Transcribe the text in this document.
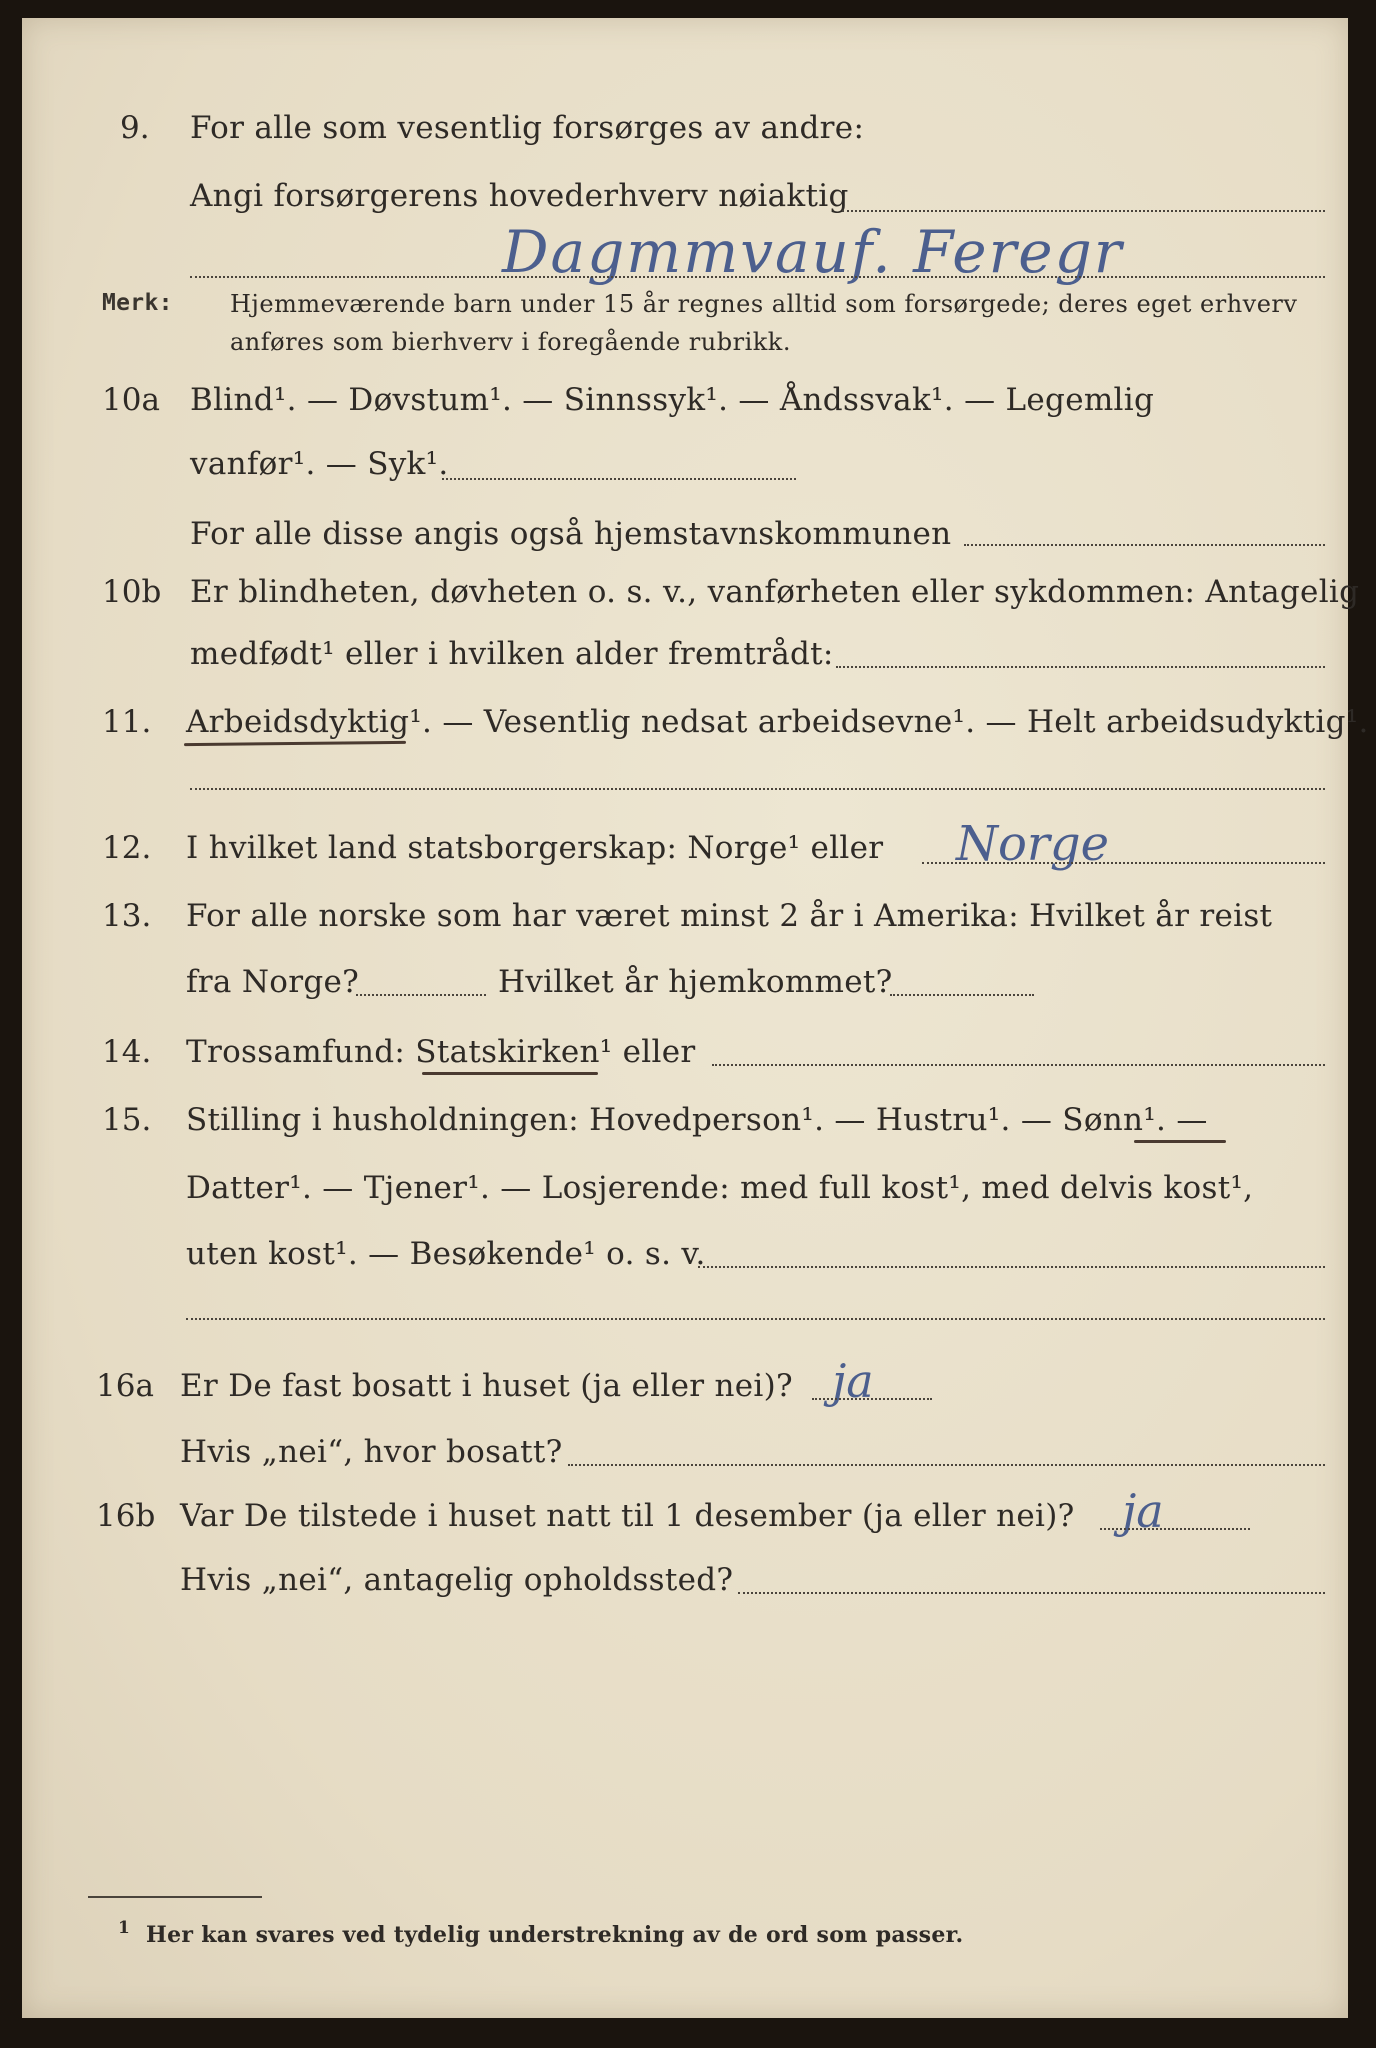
9. For alle som vesentlig forsørges av andre:
Angi forsørgerens hovederhverv nøiaktig
Dagmmvauf. Feregr
Merk: Hjemmeværende barn under 15 år regnes alltid som forsørgede; deres eget erhverv
anføres som bierhverv i foregående rubrikk.
10a Blind¹. — Døvstum¹. — Sinnssyk¹. — Åndssvak¹. — Legemlig
vanfør¹. — Syk¹.
For alle disse angis også hjemstavnskommunen
10b Er blindheten, døvheten o. s. v., vanførheten eller sykdommen: Antagelig
medfødt¹ eller i hvilken alder fremtrådt:
11. Arbeidsdyktig¹. — Vesentlig nedsat arbeidsevne¹. — Helt arbeidsudyktig¹.
12. I hvilket land statsborgerskap: Norge¹ eller Norge
13. For alle norske som har været minst 2 år i Amerika: Hvilket år reist
fra Norge?	Hvilket år hjemkommet?
14. Trossamfund: Statskirken¹ eller
15. Stilling i husholdningen: Hovedperson¹. — Hustru¹. — Sønn¹. —
Datter¹. — Tjener¹. — Losjerende: med full kost¹, med delvis kost¹,
uten kost¹. — Besøkende¹ o. s. v.
16a Er De fast bosatt i huset (ja eller nei)? ja
Hvis „nei“, hvor bosatt?
16b Var De tilstede i huset natt til 1 desember (ja eller nei)? ja
Hvis „nei“, antagelig opholdssted?
1 Her kan svares ved tydelig understrekning av de ord som passer.
